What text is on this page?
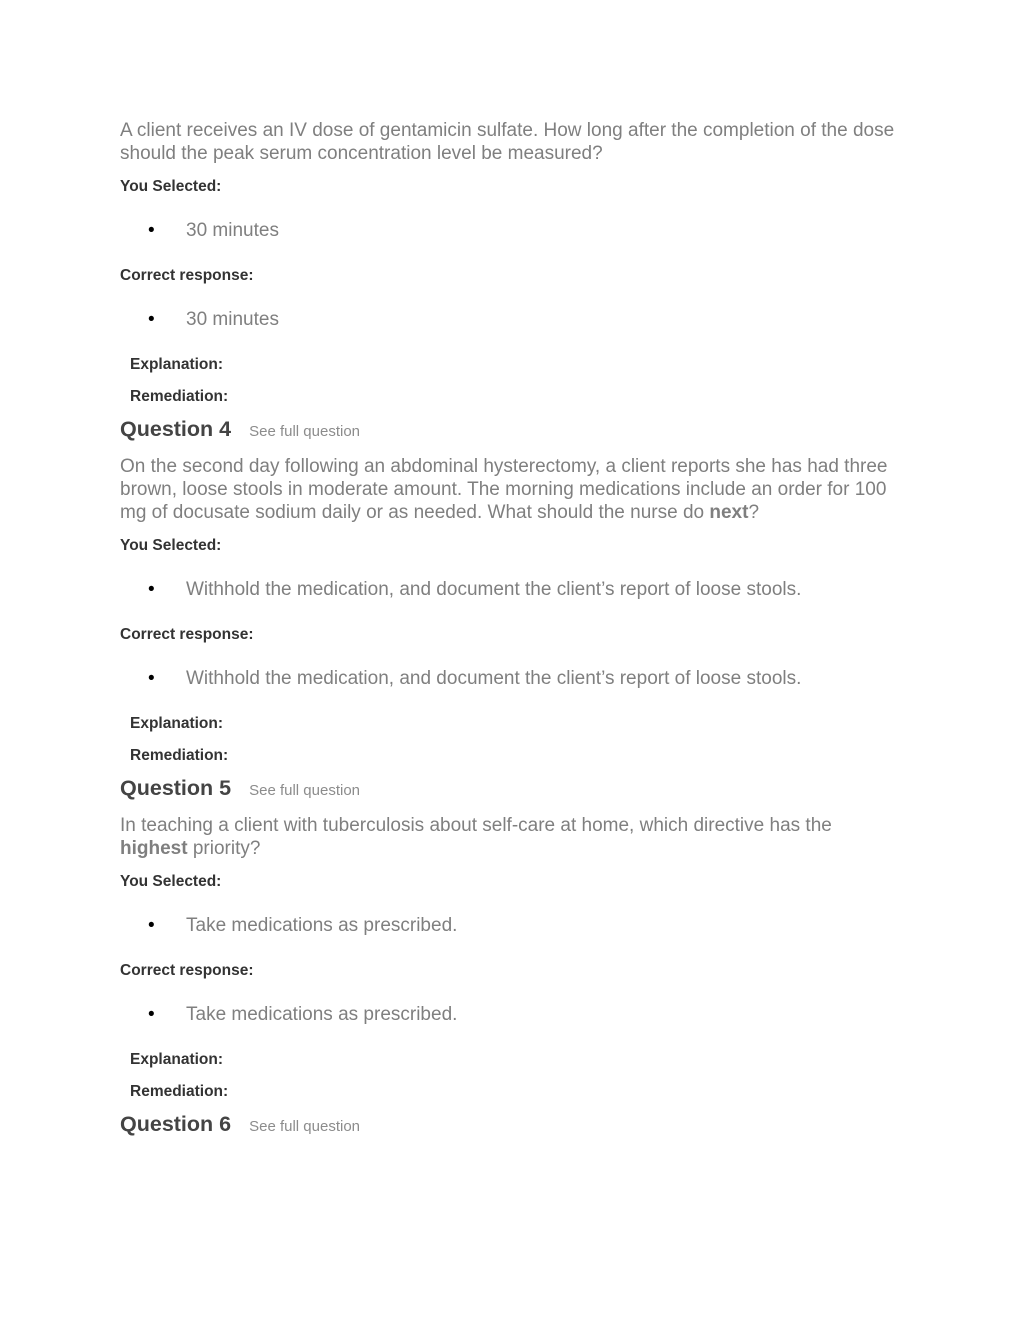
A client receives an IV dose of gentamicin sulfate. How long after the completion of the dose should the peak serum concentration level be measured?

You Selected:
• 30 minutes
Correct response:
• 30 minutes
Explanation:
Remediation:
Question 4 See full question

On the second day following an abdominal hysterectomy, a client reports she has had three brown, loose stools in moderate amount. The morning medications include an order for 100 mg of docusate sodium daily or as needed. What should the nurse do next?

You Selected:
• Withhold the medication, and document the client’s report of loose stools.
Correct response:
• Withhold the medication, and document the client’s report of loose stools.
Explanation:
Remediation:
Question 5 See full question

In teaching a client with tuberculosis about self-care at home, which directive has the highest priority?

You Selected:
• Take medications as prescribed.
Correct response:
• Take medications as prescribed.
Explanation:
Remediation:
Question 6 See full question
